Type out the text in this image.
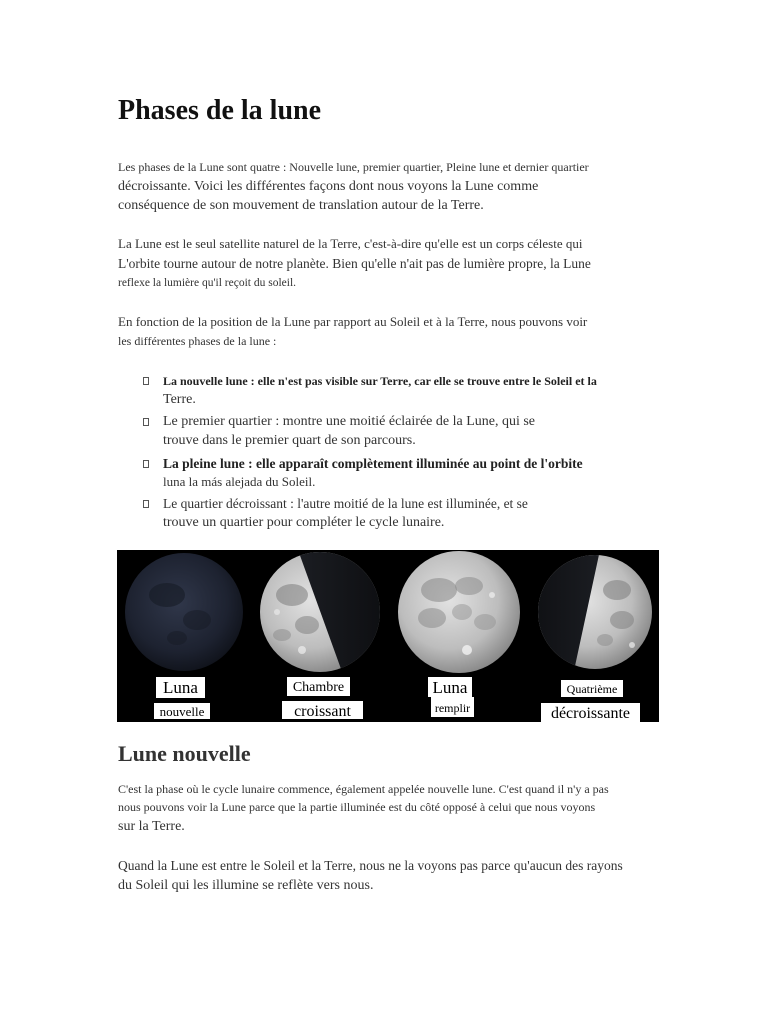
Phases de la lune
Les phases de la Lune sont quatre : Nouvelle lune, premier quartier, Pleine lune et dernier quartier
décroissante. Voici les différentes façons dont nous voyons la Lune comme
conséquence de son mouvement de translation autour de la Terre.
La Lune est le seul satellite naturel de la Terre, c'est-à-dire qu'elle est un corps céleste qui
L'orbite tourne autour de notre planète. Bien qu'elle n'ait pas de lumière propre, la Lune
reflexe la lumière qu'il reçoit du soleil.
En fonction de la position de la Lune par rapport au Soleil et à la Terre, nous pouvons voir
les différentes phases de la lune :
La nouvelle lune : elle n'est pas visible sur Terre, car elle se trouve entre le Soleil et la
Terre.
Le premier quartier : montre une moitié éclairée de la Lune, qui se
trouve dans le premier quart de son parcours.
La pleine lune : elle apparaît complètement illuminée au point de l'orbite
luna la más alejada du Soleil.
Le quartier décroissant : l'autre moitié de la lune est illuminée, et se
trouve un quartier pour compléter le cycle lunaire.
Luna
nouvelle
Chambre
croissant
Luna
remplir
Quatrième
décroissante
Lune nouvelle
C'est la phase où le cycle lunaire commence, également appelée nouvelle lune. C'est quand il n'y a pas
nous pouvons voir la Lune parce que la partie illuminée est du côté opposé à celui que nous voyons
sur la Terre.
Quand la Lune est entre le Soleil et la Terre, nous ne la voyons pas parce qu'aucun des rayons
du Soleil qui les illumine se reflète vers nous.
